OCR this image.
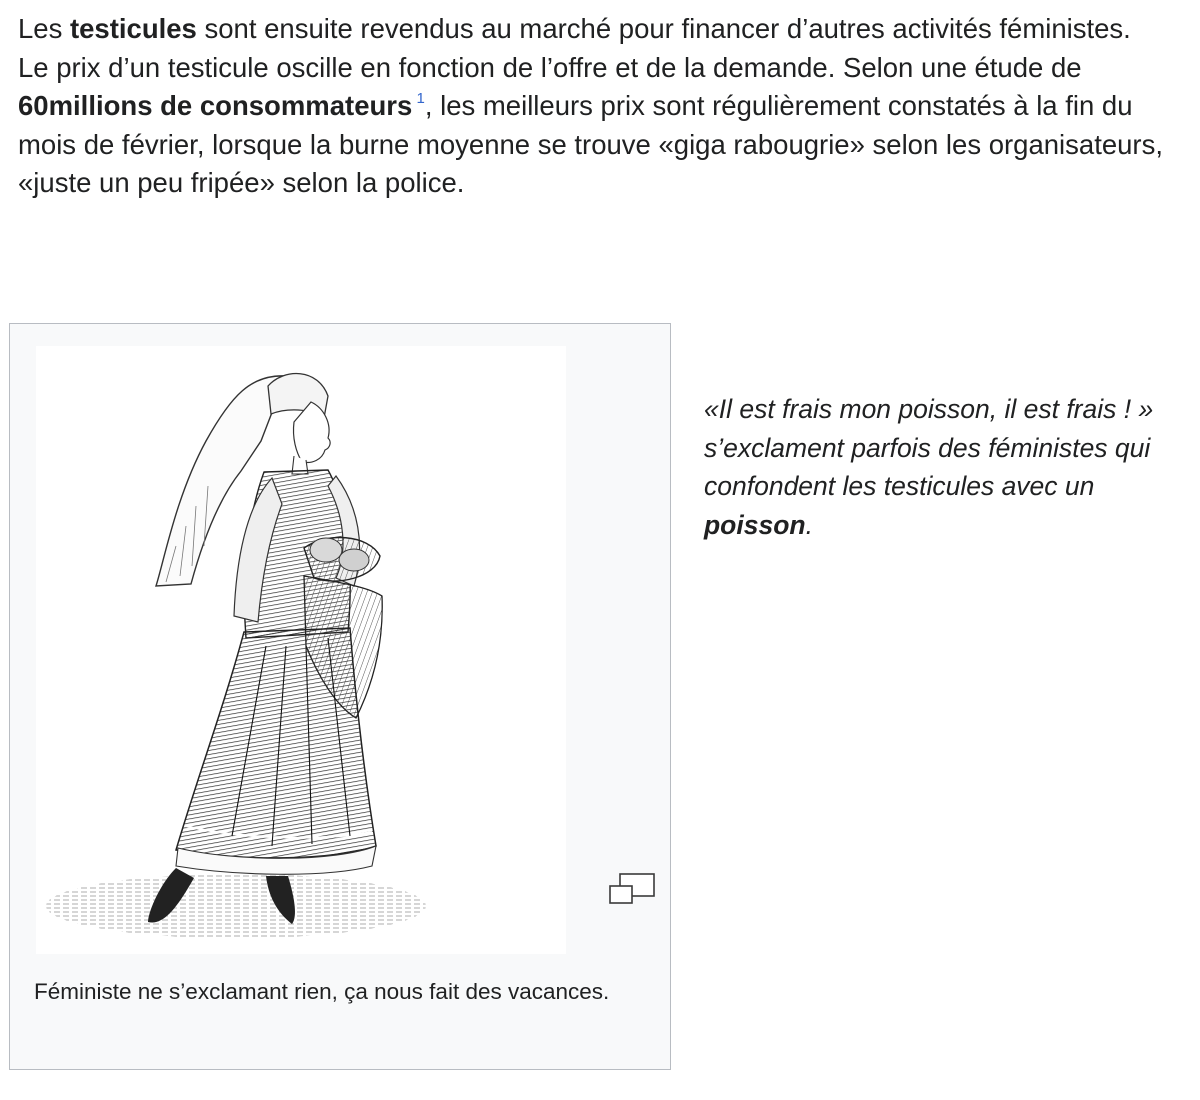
Les testicules sont ensuite revendus au marché pour financer d’autres activités féministes. Le prix d’un testicule oscille en fonction de l’offre et de la demande. Selon une étude de 60millions de consommateurs $^1$, les meilleurs prix sont régulièrement constatés à la fin du mois de février, lorsque la burne moyenne se trouve «giga rabougrie» selon les organisateurs, «juste un peu fripée» selon la police.

Féministe ne s’exclamant rien, ça nous fait des vacances.
«Il est frais mon poisson, il est frais ! » s’exclament parfois des féministes qui confondent les testicules avec un poisson.
